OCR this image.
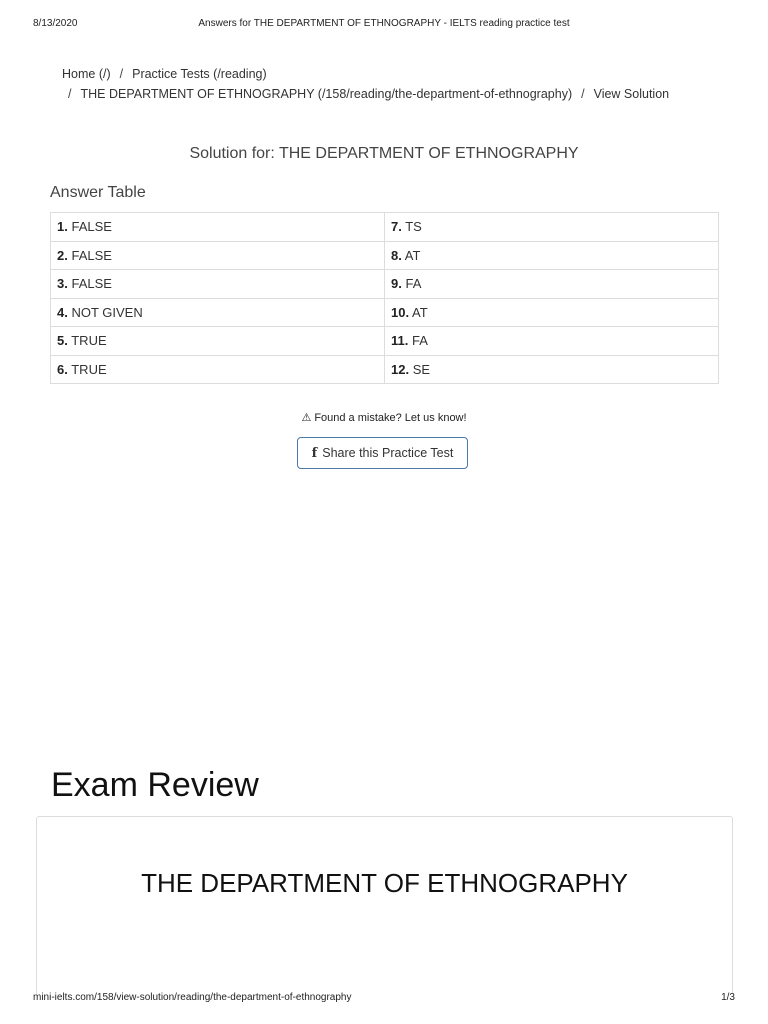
8/13/2020	Answers for THE DEPARTMENT OF ETHNOGRAPHY - IELTS reading practice test
Home (/) / Practice Tests (/reading)
/ THE DEPARTMENT OF ETHNOGRAPHY (/158/reading/the-department-of-ethnography) / View Solution
Solution for: THE DEPARTMENT OF ETHNOGRAPHY
Answer Table
1. FALSE	7. TS
2. FALSE	8. AT
3. FALSE	9. FA
4. NOT GIVEN	10. AT
5. TRUE	11. FA
6. TRUE	12. SE
⚠ Found a mistake? Let us know!
f Share this Practice Test
Exam Review
THE DEPARTMENT OF ETHNOGRAPHY
mini-ielts.com/158/view-solution/reading/the-department-of-ethnography	1/3
